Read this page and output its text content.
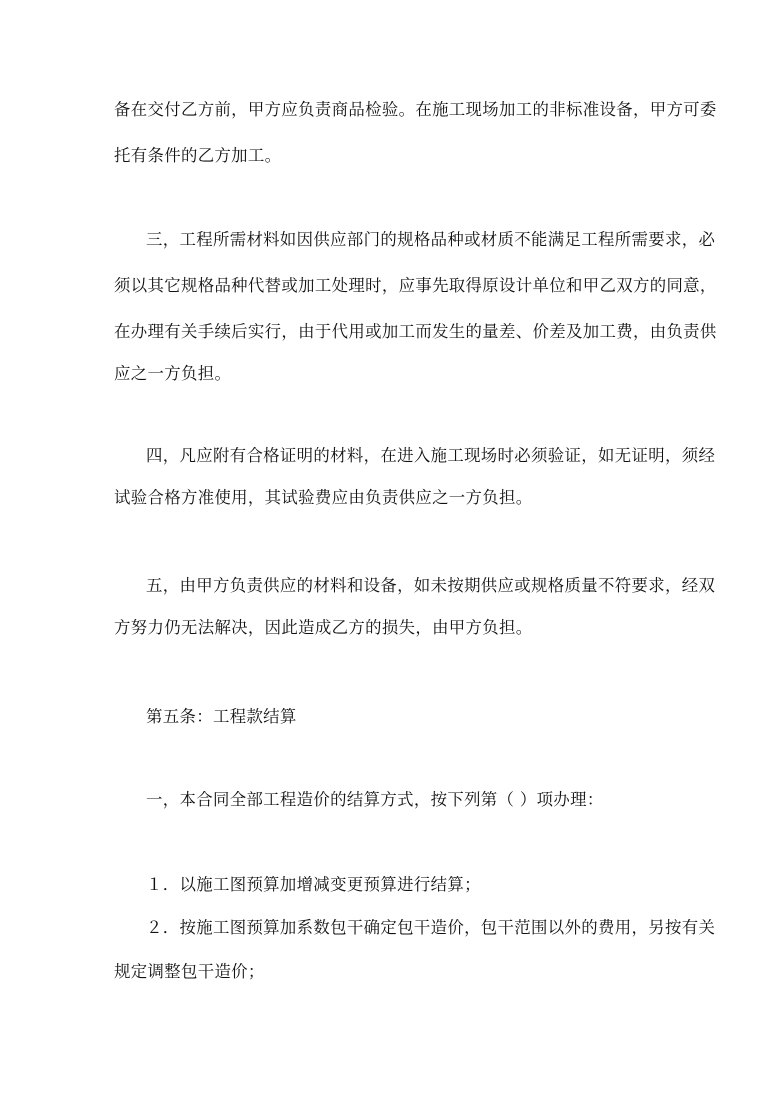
备在交付乙方前，甲方应负责商品检验。在施工现场加工的非标准设备，甲方可委
托有条件的乙方加工。
三，工程所需材料如因供应部门的规格品种或材质不能满足工程所需要求，必
须以其它规格品种代替或加工处理时，应事先取得原设计单位和甲乙双方的同意，
在办理有关手续后实行，由于代用或加工而发生的量差、价差及加工费，由负责供
应之一方负担。
四，凡应附有合格证明的材料，在进入施工现场时必须验证，如无证明，须经
试验合格方准使用，其试验费应由负责供应之一方负担。
五，由甲方负责供应的材料和设备，如未按期供应或规格质量不符要求，经双
方努力仍无法解决，因此造成乙方的损失，由甲方负担。
第五条：工程款结算
一，本合同全部工程造价的结算方式，按下列第（ ）项办理：
１．以施工图预算加增减变更预算进行结算；
２．按施工图预算加系数包干确定包干造价，包干范围以外的费用，另按有关
规定调整包干造价；
